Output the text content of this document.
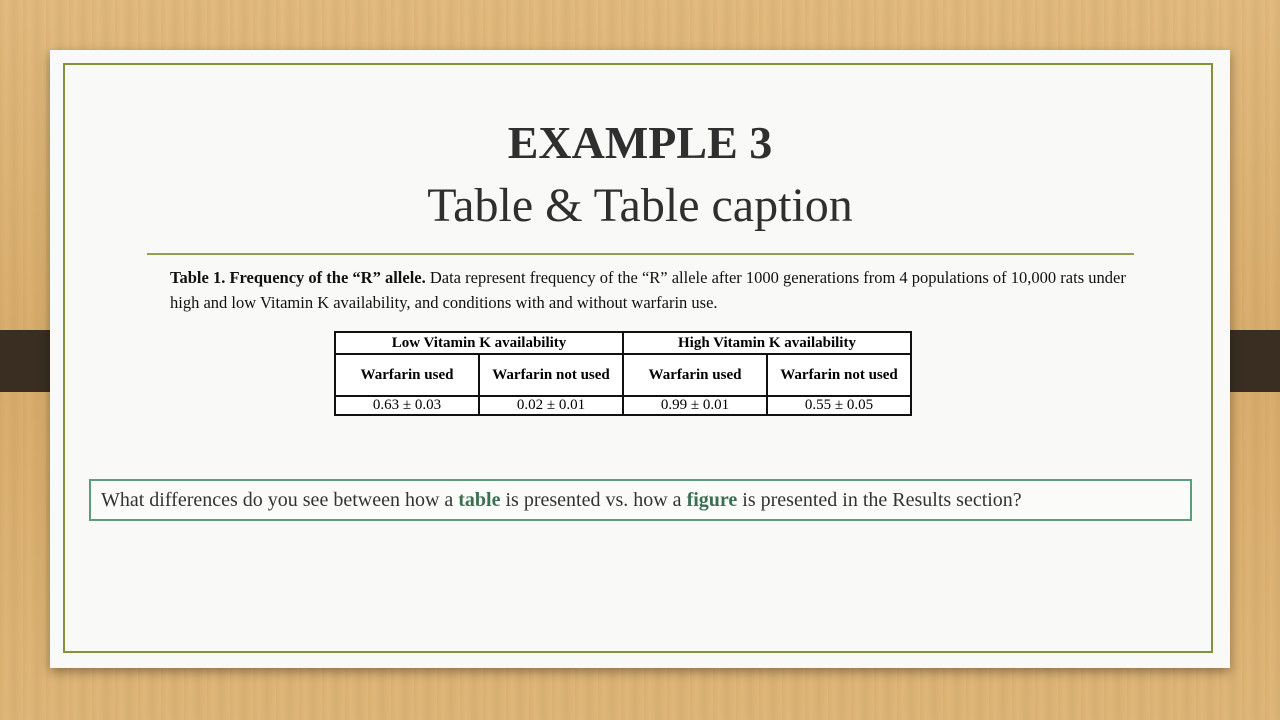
EXAMPLE 3
Table & Table caption
Table 1. Frequency of the “R” allele. Data represent frequency of the “R” allele after 1000 generations from 4 populations of 10,000 rats under high and low Vitamin K availability, and conditions with and without warfarin use.
Low Vitamin K availability		High Vitamin K availability	
Warfarin used	Warfarin not used	Warfarin used	Warfarin not used
0.63 ± 0.03	0.02 ± 0.01	0.99 ± 0.01	0.55 ± 0.05
What differences do you see between how a table is presented vs. how a figure is presented in the Results section?
